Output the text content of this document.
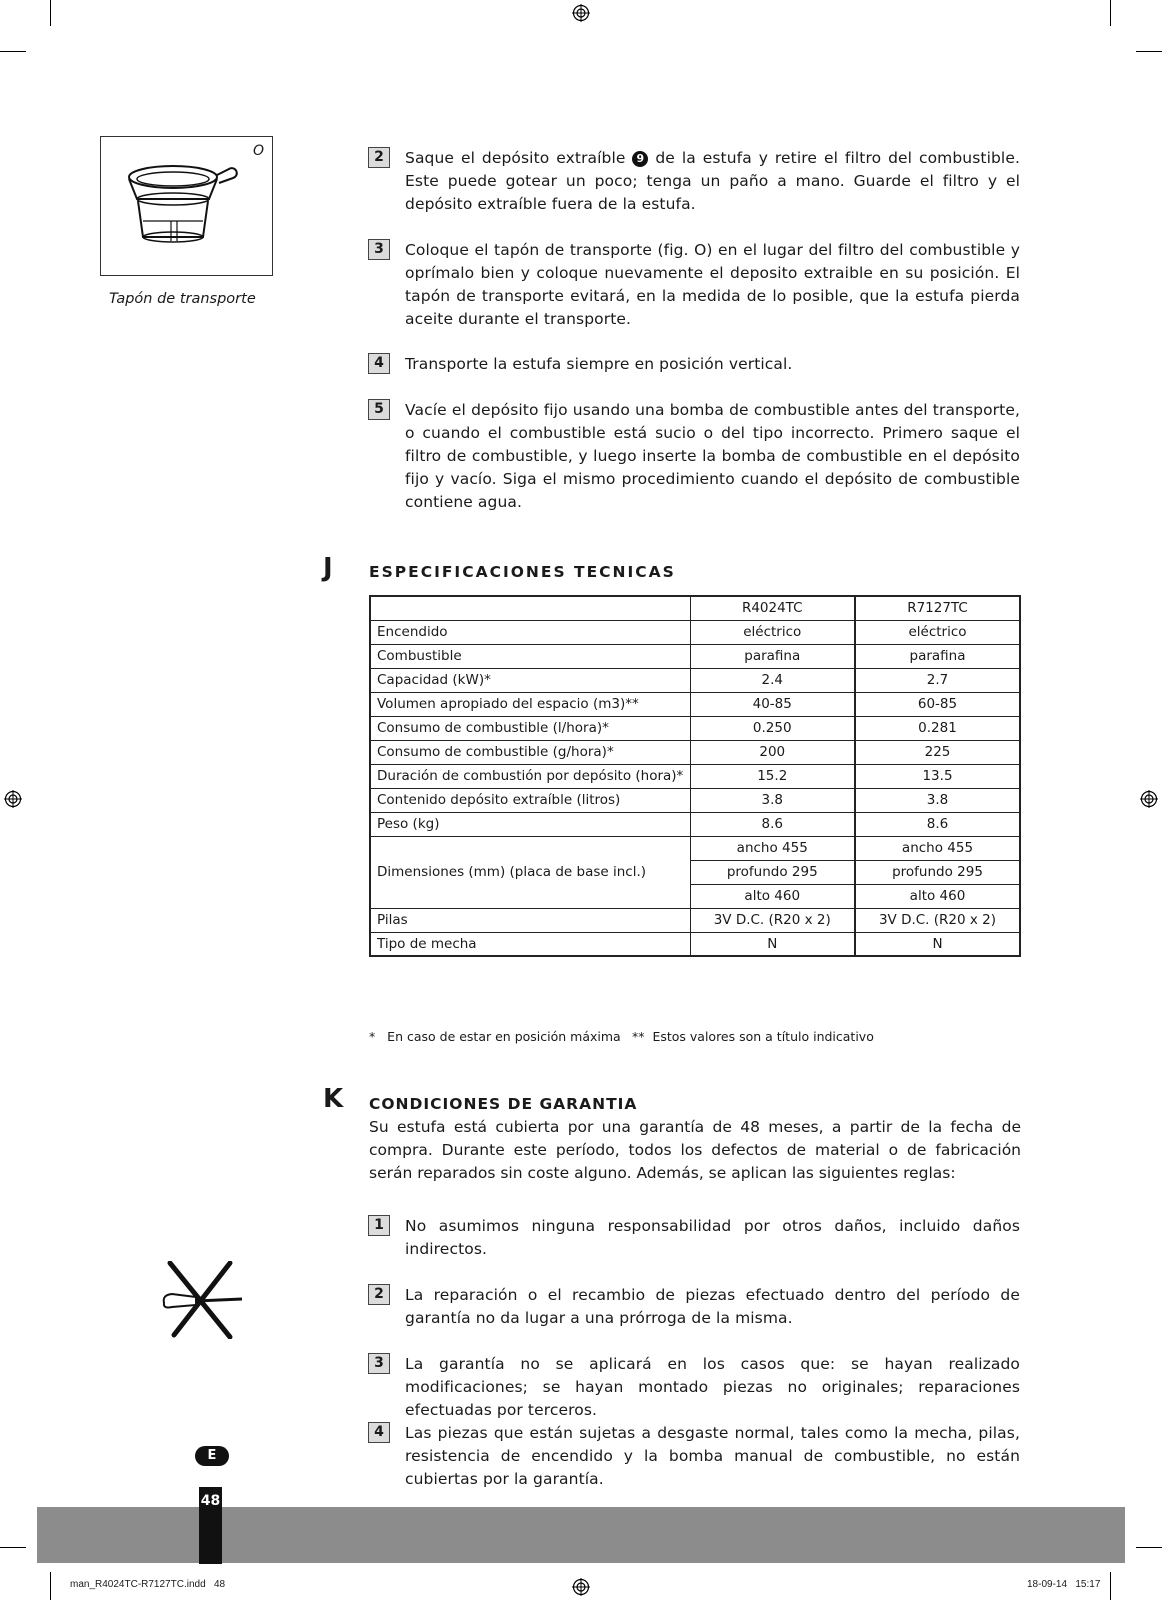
O
Tapón de transporte
2	Saque el depósito extraíble 9 de la estufa y retire el filtro del combustible. Este puede gotear un poco; tenga un paño a mano. Guarde el filtro y el depósito extraíble fuera de la estufa.
3	Coloque el tapón de transporte (fig. O) en el lugar del filtro del combustible y oprímalo bien y coloque nuevamente el deposito extraible en su posición. El tapón de transporte evitará, en la medida de lo posible, que la estufa pierda aceite durante el transporte.
4	Transporte la estufa siempre en posición vertical.
5	Vacíe el depósito fijo usando una bomba de combustible antes del transporte, o cuando el combustible está sucio o del tipo incorrecto. Primero saque el filtro de combustible, y luego inserte la bomba de combustible en el depósito fijo y vacío. Siga el mismo procedimiento cuando el depósito de combustible contiene agua.
J ESPECIFICACIONES TECNICAS
	R4024TC	R7127TC
Encendido	eléctrico	eléctrico
Combustible	parafina	parafina
Capacidad (kW)*	2.4	2.7
Volumen apropiado del espacio (m3)**	40-85	60-85
Consumo de combustible (l/hora)*	0.250	0.281
Consumo de combustible (g/hora)*	200	225
Duración de combustión por depósito (hora)*	15.2	13.5
Contenido depósito extraíble (litros)	3.8	3.8
Peso (kg)	8.6	8.6
Dimensiones (mm) (placa de base incl.)	ancho 455	ancho 455
	profundo 295	profundo 295
	alto 460	alto 460
Pilas	3V D.C. (R20 x 2)	3V D.C. (R20 x 2)
Tipo de mecha	N	N
*   En caso de estar en posición máxima **  Estos valores son a título indicativo
K CONDICIONES DE GARANTIA
Su estufa está cubierta por una garantía de 48 meses, a partir de la fecha de compra. Durante este período, todos los defectos de material o de fabricación serán reparados sin coste alguno. Además, se aplican las siguientes reglas:
1	No asumimos ninguna responsabilidad por otros daños, incluido daños indirectos.
2	La reparación o el recambio de piezas efectuado dentro del período de garantía no da lugar a una prórroga de la misma.
3	La garantía no se aplicará en los casos que: se hayan realizado modificaciones; se hayan montado piezas no originales; reparaciones efectuadas por terceros.
4	Las piezas que están sujetas a desgaste normal, tales como la mecha, pilas, resistencia de encendido y la bomba manual de combustible, no están cubiertas por la garantía.
E
48
man_R4024TC-R7127TC.indd   48	18-09-14   15:17
